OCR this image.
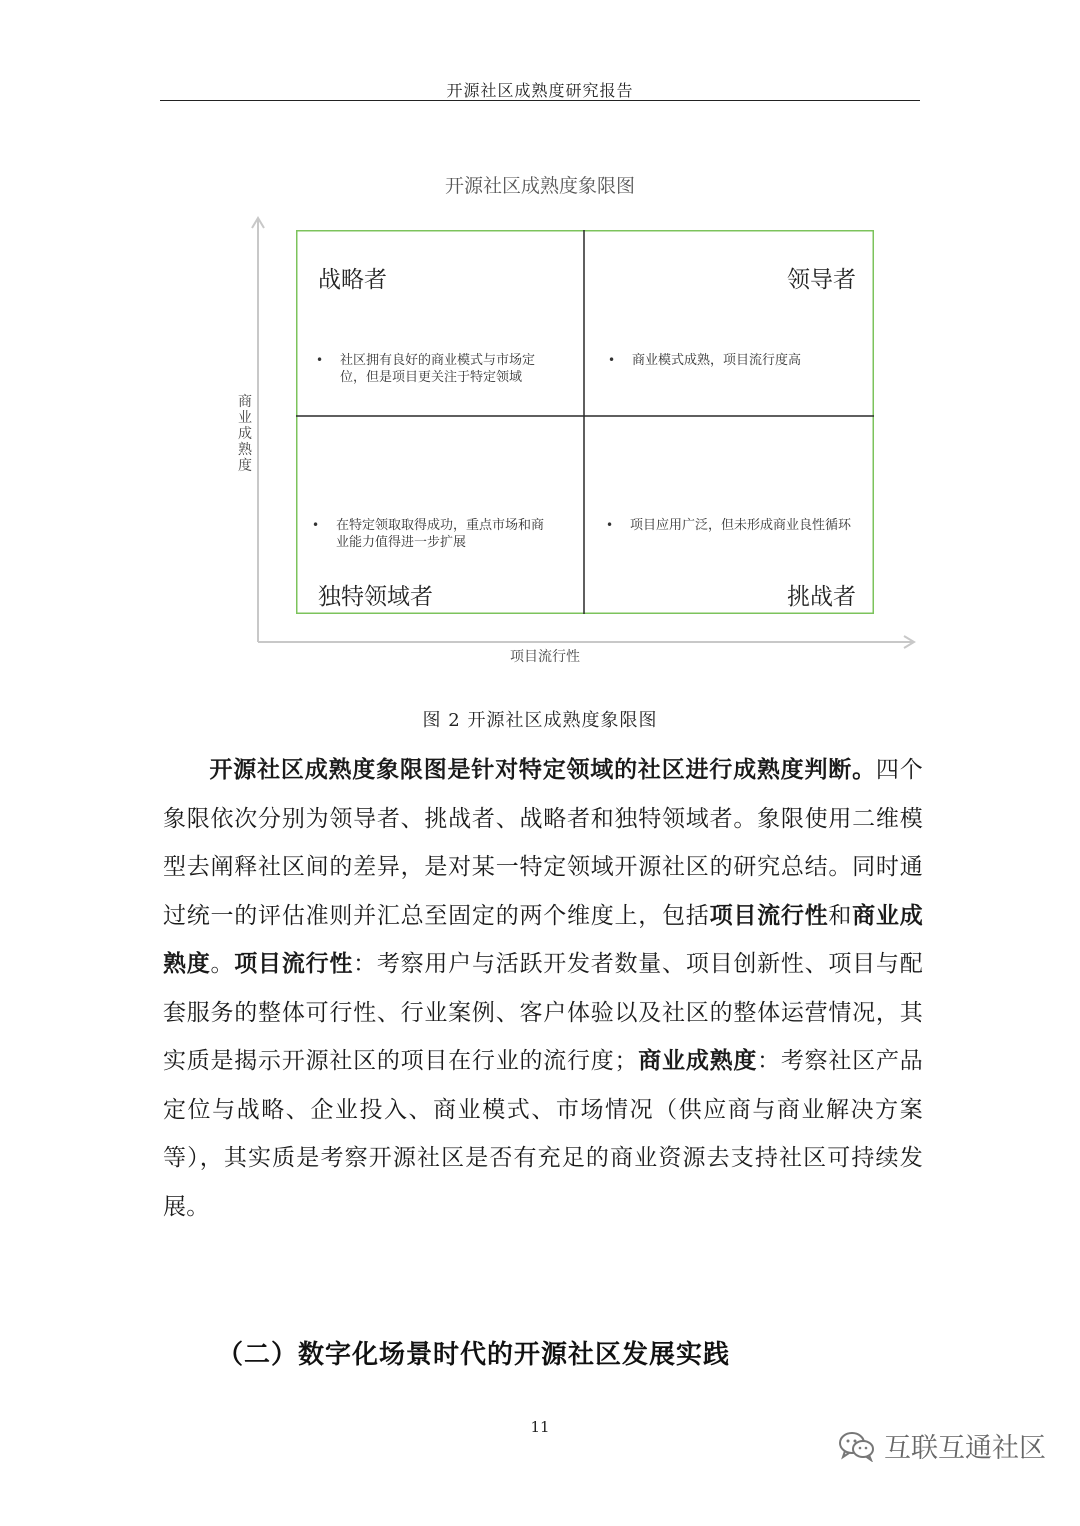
开源社区成熟度研究报告
开源社区成熟度象限图
战略者	领导者
独特领域者	挑战者
•	社区拥有良好的商业模式与市场定位，但是项目更关注于特定领域
•	商业模式成熟，项目流行度高
•	在特定领取取得成功，重点市场和商业能力值得进一步扩展
•	项目应用广泛，但未形成商业良性循环
商业成熟度
项目流行性
图 2 开源社区成熟度象限图
开源社区成熟度象限图是针对特定领域的社区进行成熟度判断。四个象限依次分别为领导者、挑战者、战略者和独特领域者。象限使用二维模型去阐释社区间的差异，是对某一特定领域开源社区的研究总结。同时通过统一的评估准则并汇总至固定的两个维度上，包括项目流行性和商业成熟度。项目流行性：考察用户与活跃开发者数量、项目创新性、项目与配套服务的整体可行性、行业案例、客户体验以及社区的整体运营情况，其实质是揭示开源社区的项目在行业的流行度；商业成熟度：考察社区产品定位与战略、企业投入、商业模式、市场情况（供应商与商业解决方案等），其实质是考察开源社区是否有充足的商业资源去支持社区可持续发展。
（二）数字化场景时代的开源社区发展实践
11
互联互通社区
